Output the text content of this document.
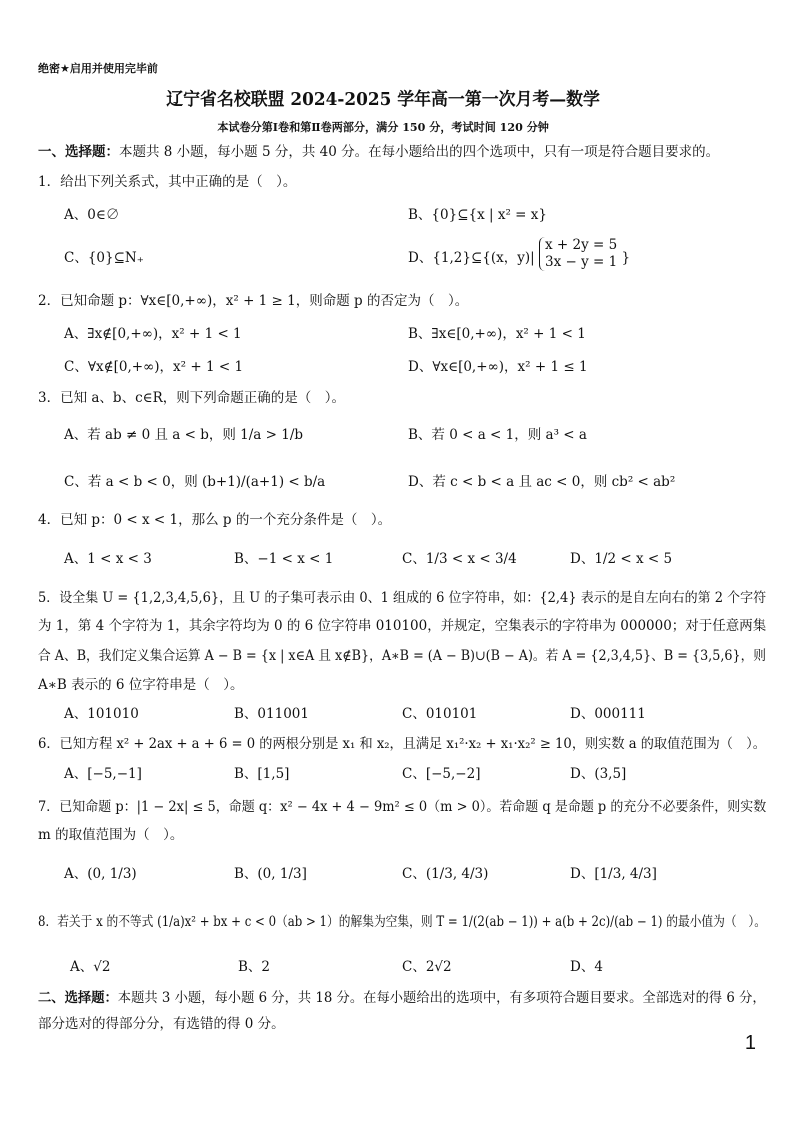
绝密★启用并使用完毕前
辽宁省名校联盟 2024-2025 学年高一第一次月考—数学
本试卷分第Ⅰ卷和第Ⅱ卷两部分，满分 150 分，考试时间 120 分钟
一、选择题：本题共 8 小题，每小题 5 分，共 40 分。在每小题给出的四个选项中，只有一项是符合题目要求的。
1．给出下列关系式，其中正确的是（　）。
A、0∈∅	B、{0}⊆{x | x² = x}
C、{0}⊆N₊	D、{1,2}⊆{(x，y)|
x + 2y = 5
3x − y = 1 }
2．已知命题 p：∀x∈[0,+∞)，x² + 1 ≥ 1，则命题 p 的否定为（　）。
A、∃x∉[0,+∞)，x² + 1 < 1	B、∃x∈[0,+∞)，x² + 1 < 1
C、∀x∉[0,+∞)，x² + 1 < 1	D、∀x∈[0,+∞)，x² + 1 ≤ 1
3．已知 a、b、c∈R，则下列命题正确的是（　）。
A、若 ab ≠ 0 且 a < b，则 1/a > 1/b	B、若 0 < a < 1，则 a³ < a
C、若 a < b < 0，则 (b+1)/(a+1) < b/a	D、若 c < b < a 且 ac < 0，则 cb² < ab²
4．已知 p：0 < x < 1，那么 p 的一个充分条件是（　）。
A、1 < x < 3	B、−1 < x < 1	C、1/3 < x < 3/4	D、1/2 < x < 5
5．设全集 U = {1,2,3,4,5,6}，且 U 的子集可表示由 0、1 组成的 6 位字符串，如：{2,4} 表示的是自左向右的第 2 个字符
为 1，第 4 个字符为 1，其余字符均为 0 的 6 位字符串 010100，并规定，空集表示的字符串为 000000；对于任意两集
合 A、B，我们定义集合运算 A − B = {x | x∈A 且 x∉B}，A∗B = (A − B)∪(B − A)。若 A = {2,3,4,5}、B = {3,5,6}，则
A∗B 表示的 6 位字符串是（　）。
A、101010	B、011001	C、010101	D、000111
6．已知方程 x² + 2ax + a + 6 = 0 的两根分别是 x₁ 和 x₂，且满足 x₁²·x₂ + x₁·x₂² ≥ 10，则实数 a 的取值范围为（　）。
A、[−5,−1]	B、[1,5]	C、[−5,−2]	D、(3,5]
7．已知命题 p：|1 − 2x| ≤ 5，命题 q：x² − 4x + 4 − 9m² ≤ 0（m > 0）。若命题 q 是命题 p 的充分不必要条件，则实数
m 的取值范围为（　）。
A、(0, 1/3)	B、(0, 1/3]	C、(1/3, 4/3)	D、[1/3, 4/3]
8．若关于 x 的不等式 (1/a)x² + bx + c < 0（ab > 1）的解集为空集，则 T = 1/(2(ab − 1)) + a(b + 2c)/(ab − 1) 的最小值为（　）。
A、√2	B、2	C、2√2	D、4
二、选择题：本题共 3 小题，每小题 6 分，共 18 分。在每小题给出的选项中，有多项符合题目要求。全部选对的得 6 分，
部分选对的得部分分，有选错的得 0 分。
1
